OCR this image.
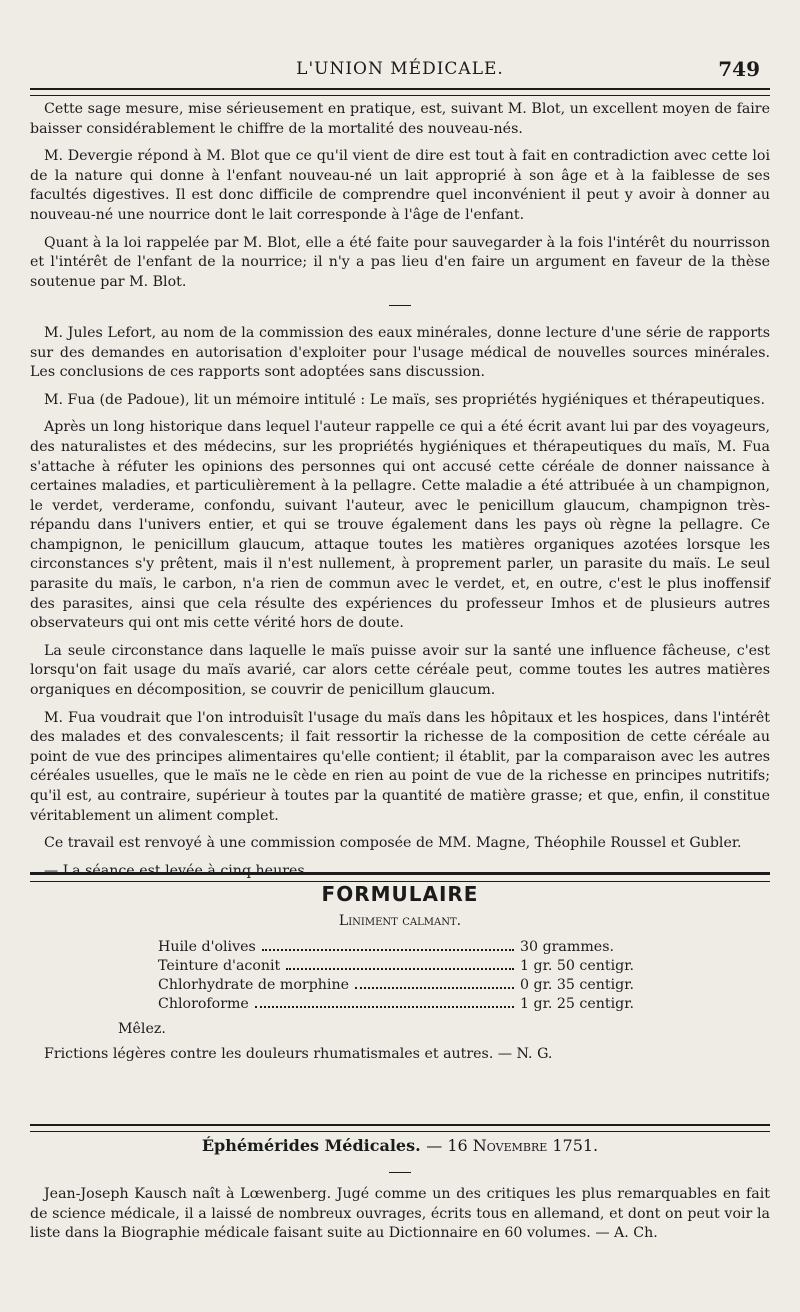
L'UNION MÉDICALE.	749

Cette sage mesure, mise sérieusement en pratique, est, suivant M. Blot, un excellent moyen de faire baisser considérablement le chiffre de la mortalité des nouveau-nés.

M. Devergie répond à M. Blot que ce qu'il vient de dire est tout à fait en contradiction avec cette loi de la nature qui donne à l'enfant nouveau-né un lait approprié à son âge et à la faiblesse de ses facultés digestives. Il est donc difficile de comprendre quel inconvénient il peut y avoir à donner au nouveau-né une nourrice dont le lait corresponde à l'âge de l'enfant.

Quant à la loi rappelée par M. Blot, elle a été faite pour sauvegarder à la fois l'intérêt du nourrisson et l'intérêt de l'enfant de la nourrice; il n'y a pas lieu d'en faire un argument en faveur de la thèse soutenue par M. Blot.

M. Jules Lefort, au nom de la commission des eaux minérales, donne lecture d'une série de rapports sur des demandes en autorisation d'exploiter pour l'usage médical de nouvelles sources minérales. Les conclusions de ces rapports sont adoptées sans discussion.

M. Fua (de Padoue), lit un mémoire intitulé : Le maïs, ses propriétés hygiéniques et thérapeutiques.

Après un long historique dans lequel l'auteur rappelle ce qui a été écrit avant lui par des voyageurs, des naturalistes et des médecins, sur les propriétés hygiéniques et thérapeutiques du maïs, M. Fua s'attache à réfuter les opinions des personnes qui ont accusé cette céréale de donner naissance à certaines maladies, et particulièrement à la pellagre. Cette maladie a été attribuée à un champignon, le verdet, verderame, confondu, suivant l'auteur, avec le penicillum glaucum, champignon très-répandu dans l'univers entier, et qui se trouve également dans les pays où règne la pellagre. Ce champignon, le penicillum glaucum, attaque toutes les matières organiques azotées lorsque les circonstances s'y prêtent, mais il n'est nullement, à proprement parler, un parasite du maïs. Le seul parasite du maïs, le carbon, n'a rien de commun avec le verdet, et, en outre, c'est le plus inoffensif des parasites, ainsi que cela résulte des expériences du professeur Imhos et de plusieurs autres observateurs qui ont mis cette vérité hors de doute.

La seule circonstance dans laquelle le maïs puisse avoir sur la santé une influence fâcheuse, c'est lorsqu'on fait usage du maïs avarié, car alors cette céréale peut, comme toutes les autres matières organiques en décomposition, se couvrir de penicillum glaucum.

M. Fua voudrait que l'on introduisît l'usage du maïs dans les hôpitaux et les hospices, dans l'intérêt des malades et des convalescents; il fait ressortir la richesse de la composition de cette céréale au point de vue des principes alimentaires qu'elle contient; il établit, par la comparaison avec les autres céréales usuelles, que le maïs ne le cède en rien au point de vue de la richesse en principes nutritifs; qu'il est, au contraire, supérieur à toutes par la quantité de matière grasse; et que, enfin, il constitue véritablement un aliment complet.

Ce travail est renvoyé à une commission composée de MM. Magne, Théophile Roussel et Gubler.

— La séance est levée à cinq heures.

FORMULAIRE
Liniment calmant.
Huile d'olives	30 grammes.
Teinture d'aconit	1 gr. 50 centigr.
Chlorhydrate de morphine	0 gr. 35 centigr.
Chloroforme	1 gr. 25 centigr.
Mêlez.
Frictions légères contre les douleurs rhumatismales et autres. — N. G.
Éphémérides Médicales. — 16 Novembre 1751.

Jean-Joseph Kausch naît à Lœwenberg. Jugé comme un des critiques les plus remarquables en fait de science médicale, il a laissé de nombreux ouvrages, écrits tous en allemand, et dont on peut voir la liste dans la Biographie médicale faisant suite au Dictionnaire en 60 volumes. — A. Ch.
